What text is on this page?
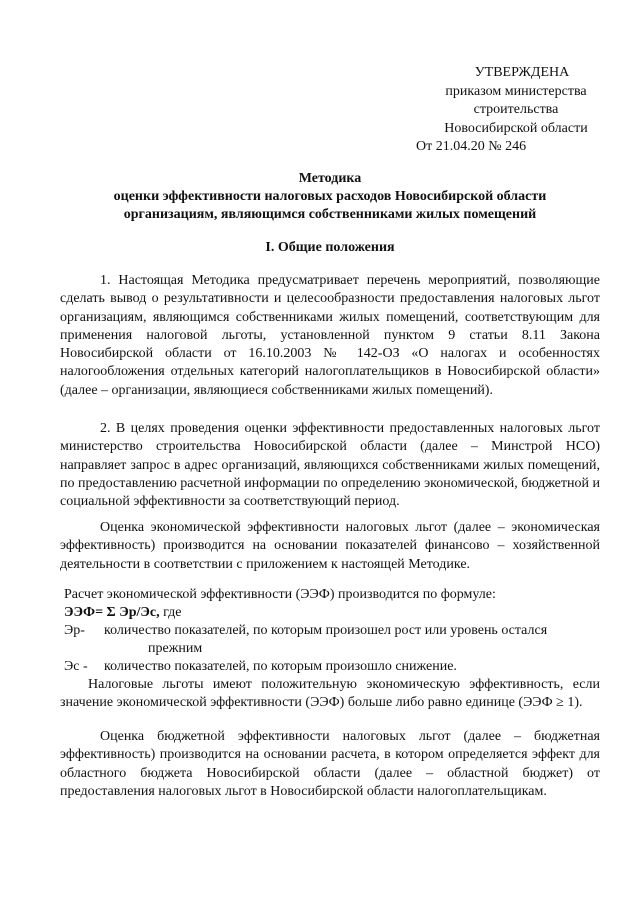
УТВЕРЖДЕНА
приказом министерства
строительства
Новосибирской области
От 21.04.20 № 246
Методика
оценки эффективности налоговых расходов Новосибирской области
организациям, являющимся собственниками жилых помещений
I. Общие положения
1. Настоящая Методика предусматривает перечень мероприятий, позволяющие сделать вывод о результативности и целесообразности предоставления налоговых льгот организациям, являющимся собственниками жилых помещений, соответствующим для применения налоговой льготы, установленной пунктом 9 статьи 8.11 Закона Новосибирской области от 16.10.2003 № 142-ОЗ «О налогах и особенностях налогообложения отдельных категорий налогоплательщиков в Новосибирской области» (далее – организации, являющиеся собственниками жилых помещений).
2. В целях проведения оценки эффективности предоставленных налоговых льгот министерство строительства Новосибирской области (далее – Минстрой НСО) направляет запрос в адрес организаций, являющихся собственниками жилых помещений, по предоставлению расчетной информации по определению экономической, бюджетной и социальной эффективности за соответствующий период.
Оценка экономической эффективности налоговых льгот (далее – экономическая эффективность) производится на основании показателей финансово – хозяйственной деятельности в соответствии с приложением к настоящей Методике.
Расчет экономической эффективности (ЭЭФ) производится по формуле:
ЭЭФ= Σ Эр/Эс, где
Эр-	количество показателей, по которым произошел рост или уровень остался
прежним
Эс -	количество показателей, по которым произошло снижение.
Налоговые льготы имеют положительную экономическую эффективность, если значение экономической эффективности (ЭЭФ) больше либо равно единице (ЭЭФ ≥ 1).
Оценка бюджетной эффективности налоговых льгот (далее – бюджетная эффективность) производится на основании расчета, в котором определяется эффект для областного бюджета Новосибирской области (далее – областной бюджет) от предоставления налоговых льгот в Новосибирской области налогоплательщикам.
